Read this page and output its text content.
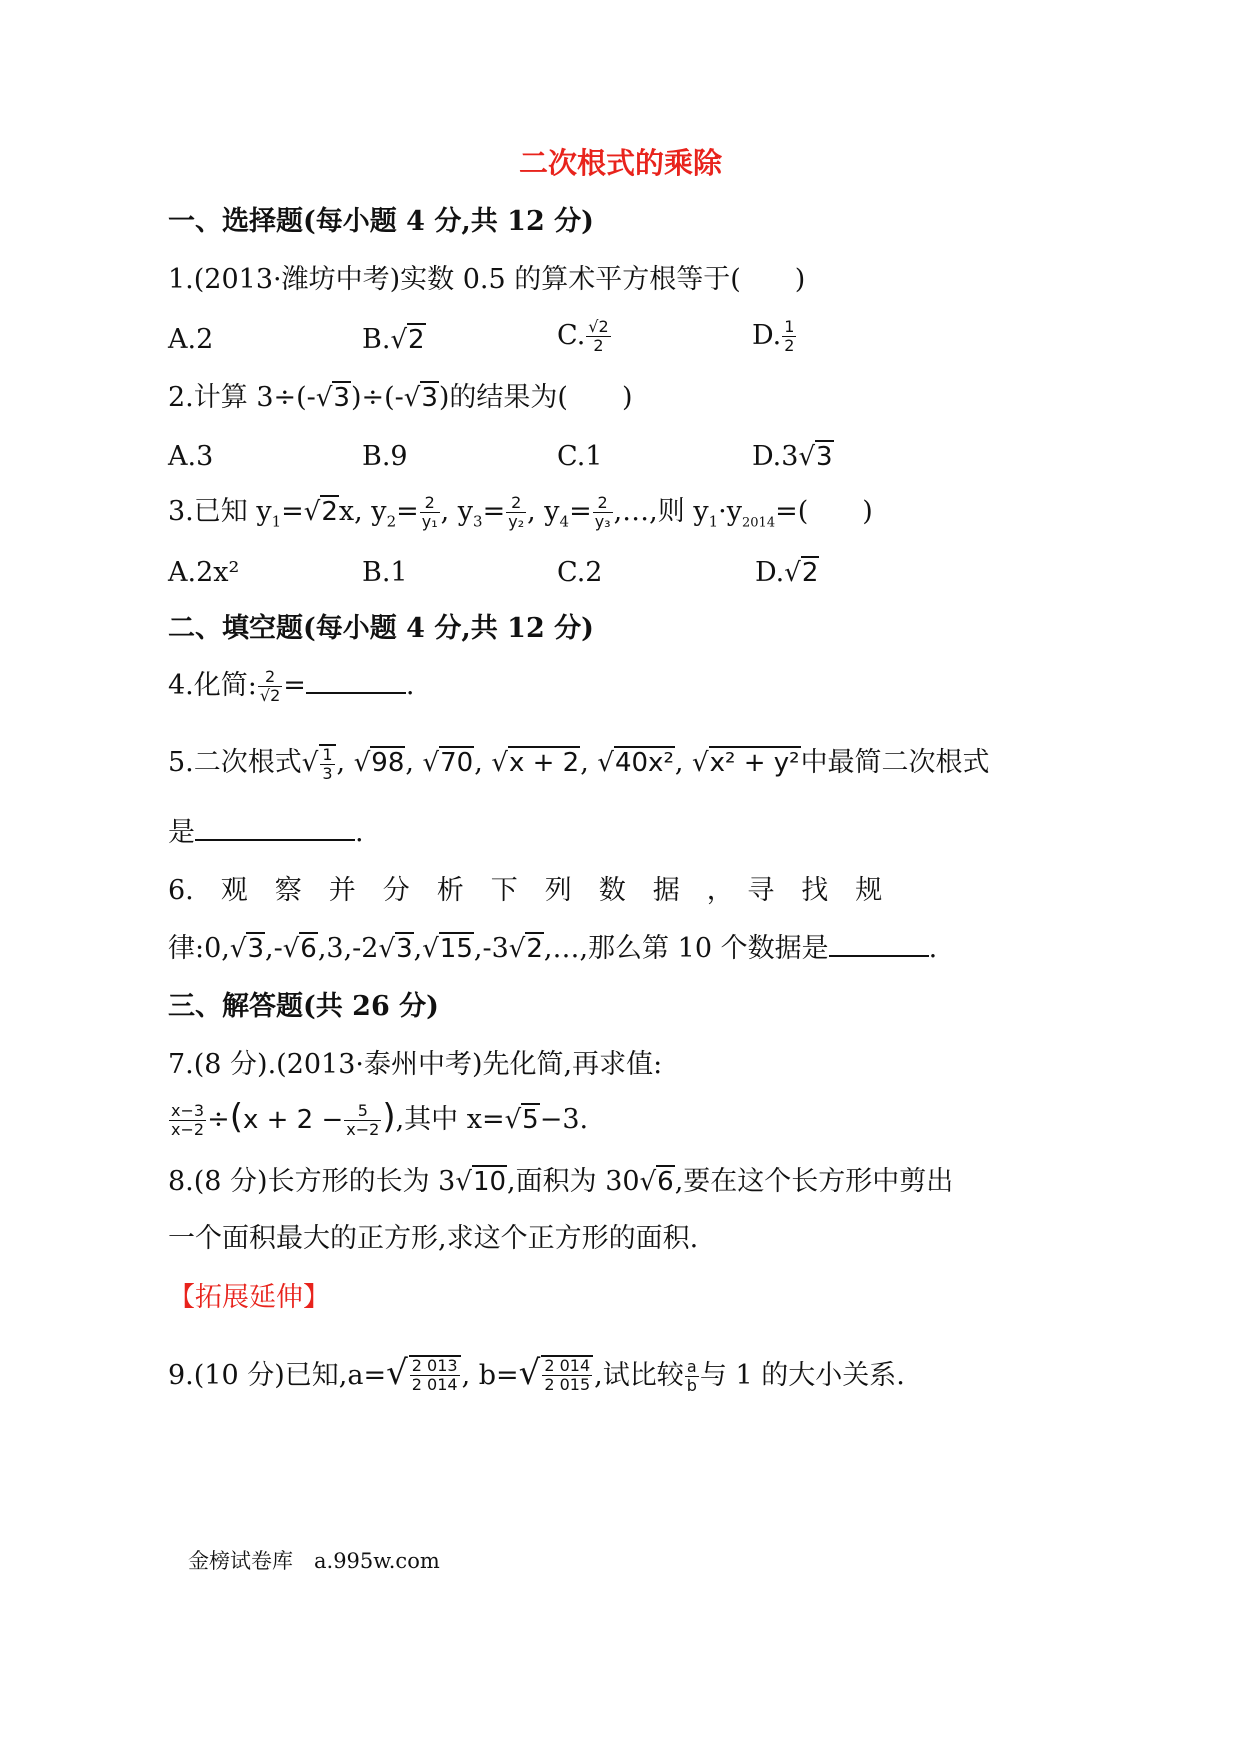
二次根式的乘除
一、选择题(每小题 4 分,共 12 分)
1.(2013·潍坊中考)实数 0.5 的算术平方根等于(　　)
A.2	B.√2	C. $\frac{√2}{2}$	D. $\frac{1}{2}$
2.计算 3÷(-√3)÷(-√3)的结果为(　　)
A.3	B.9	C.1	D.3√3
3.已知 $y_1=√2x$, $y_2= \frac{2}{\text{y₁}}$ , $y_3= \frac{2}{\text{y₂}}$ , $y_4= \frac{2}{\text{y₃}}$ ,…,则 $y_1\cdot y_{2014}=$(　　)
A.2x²	B.1	C.2	D.√2
二、填空题(每小题 4 分,共 12 分)
4.化简: $\frac{2}{√2}$ =	.
5.二次根式√ $\frac{1}{3}$ , √98, √70, √x + 2, √40x², √x² + y²中最简二次根式
是	.
6.　观　察　并　分　析　下　列　数　据　，　寻　找　规
律:0,√3,-√6,3,-2√3,√15,-3√2,…,那么第 10 个数据是	.
三、解答题(共 26 分)
7.(8 分).(2013·泰州中考)先化简,再求值:
$\frac{x-3}{x-2} \div(x + 2 - \frac{5}{x-2}$ ),其中 x=√5−3.
8.(8 分)长方形的长为 3√10,面积为 30√6,要在这个长方形中剪出
一个面积最大的正方形,求这个正方形的面积.
【拓展延伸】
9.(10 分)已知$,a=√ \frac{2 013}{2 014}$ , $b=√ \frac{2 014}{2 015}$ ,试比较 $\frac{a}{b}$ 与 1 的大小关系.
金榜试卷库　a.995w.com
